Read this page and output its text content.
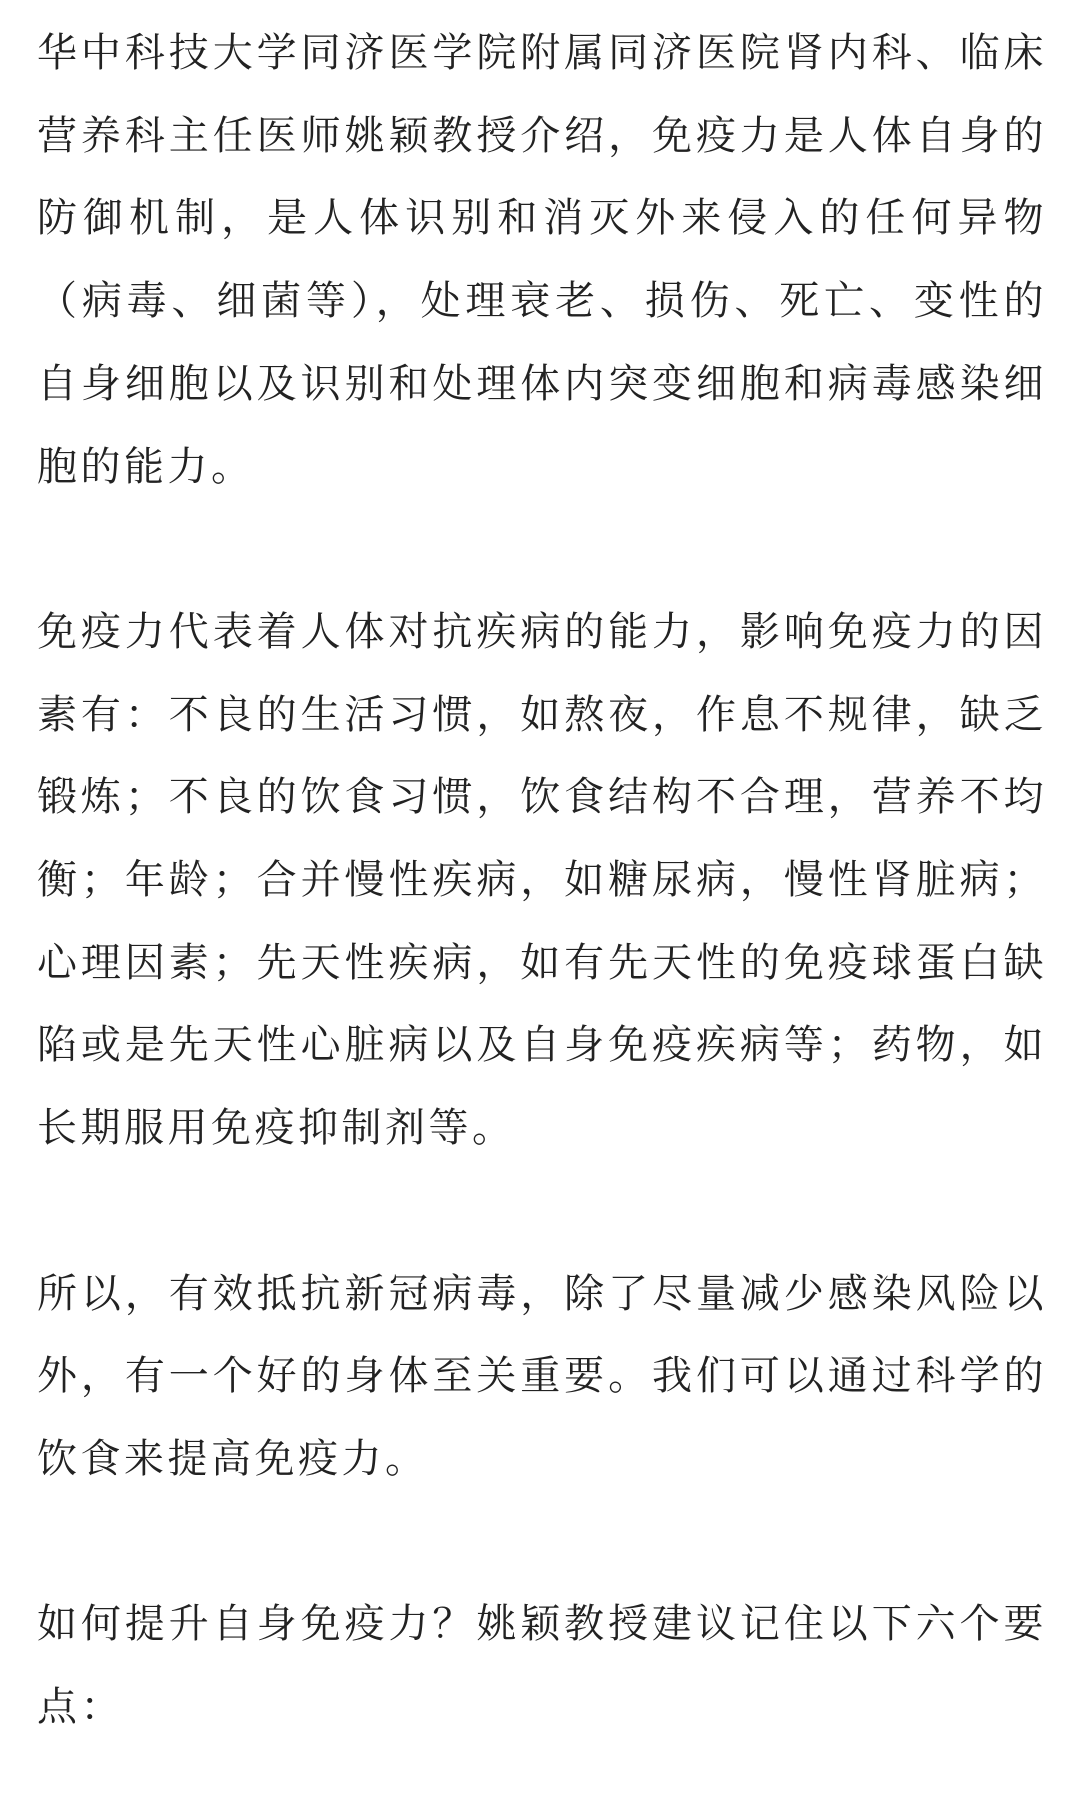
华中科技大学同济医学院附属同济医院肾内科、临床营养科主任医师姚颖教授介绍，免疫力是人体自身的防御机制，是人体识别和消灭外来侵入的任何异物（病毒、细菌等），处理衰老、损伤、死亡、变性的自身细胞以及识别和处理体内突变细胞和病毒感染细胞的能力。

免疫力代表着人体对抗疾病的能力，影响免疫力的因素有：不良的生活习惯，如熬夜，作息不规律，缺乏锻炼；不良的饮食习惯，饮食结构不合理，营养不均衡；年龄；合并慢性疾病，如糖尿病，慢性肾脏病；心理因素；先天性疾病，如有先天性的免疫球蛋白缺陷或是先天性心脏病以及自身免疫疾病等；药物，如长期服用免疫抑制剂等。

所以，有效抵抗新冠病毒，除了尽量减少感染风险以外，有一个好的身体至关重要。我们可以通过科学的饮食来提高免疫力。

如何提升自身免疫力？姚颖教授建议记住以下六个要点：
